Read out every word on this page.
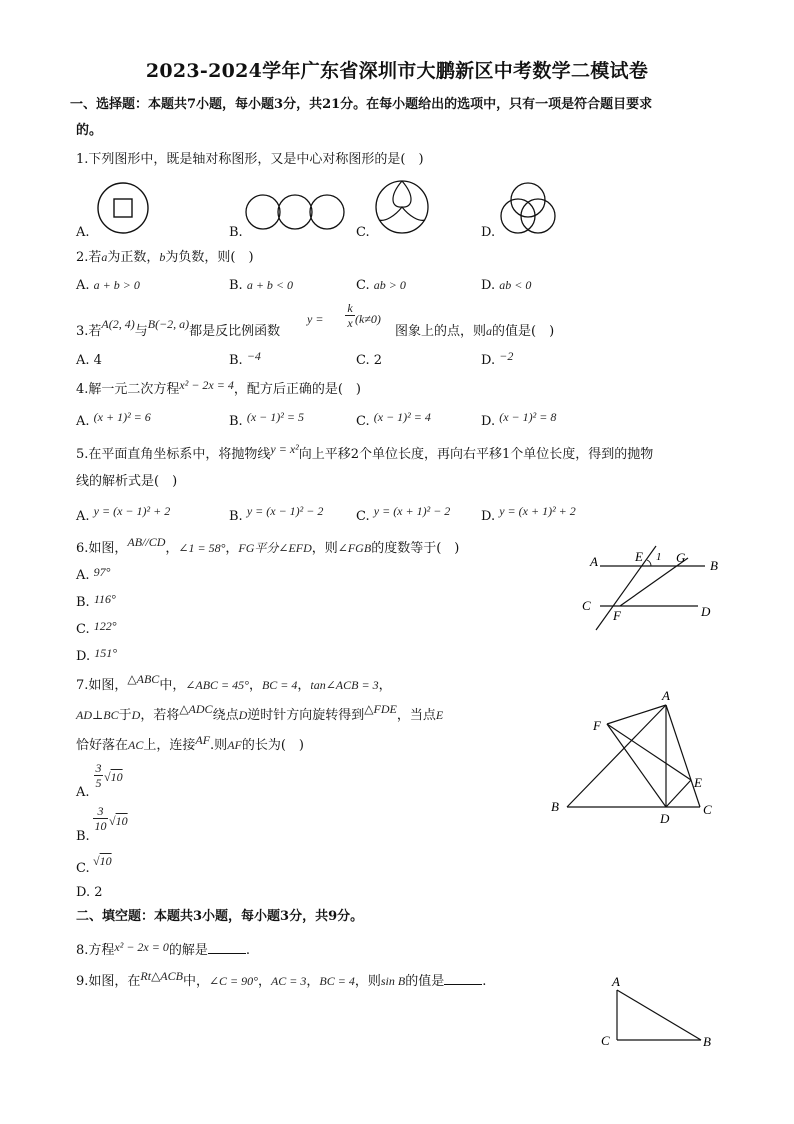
2023-2024学年广东省深圳市大鹏新区中考数学二模试卷
一、选择题：本题共7小题，每小题3分，共21分。在每小题给出的选项中，只有一项是符合题目要求
的。
1.下列图形中，既是轴对称图形，又是中心对称图形的是(　)
A.	B.	C.	D.
2.若a为正数，b为负数，则(　)
A. a + b > 0	B. a + b < 0	C. ab > 0	D. ab < 0
3.若A(2, 4)与B(−2, a)都是反比例函数
y =
k
x (k≠0)
图象上的点，则a的值是(　)
A. 4	B. −4	C. 2	D. −2
4.解一元二次方程x² − 2x = 4，配方后正确的是(　)
A. (x + 1)² = 6	B. (x − 1)² = 5	C. (x − 1)² = 4	D. (x − 1)² = 8
5.在平面直角坐标系中，将抛物线y = x²向上平移2个单位长度，再向右平移1个单位长度，得到的抛物
线的解析式是(　)
A. y = (x − 1)² + 2	B. y = (x − 1)² − 2	C. y = (x + 1)² − 2 D. y = (x + 1)² + 2
6.如图，AB//CD，∠1 = 58°，FG平分∠EFD，则∠FGB的度数等于(　)
A. 97°
B. 116°
C. 122°
D. 151°
A	E 1 G
B
C
F	D
7.如图，△ABC中，∠ABC = 45°，BC = 4，tan∠ACB = 3，
AD⊥BC于D，若将△ADC绕点D逆时针方向旋转得到△FDE，当点E
恰好落在AC上，连接AF.则AF的长为(　)
A.
3
5 √10
B.
3
10 √10
C. √10
D. 2
A
F
E
B
D
C
二、填空题：本题共3小题，每小题3分，共9分。
8.方程x² − 2x = 0的解是	.
9.如图，在Rt△ACB中，∠C = 90°，AC = 3，BC = 4，则sin B的值是	.	A
C	B
